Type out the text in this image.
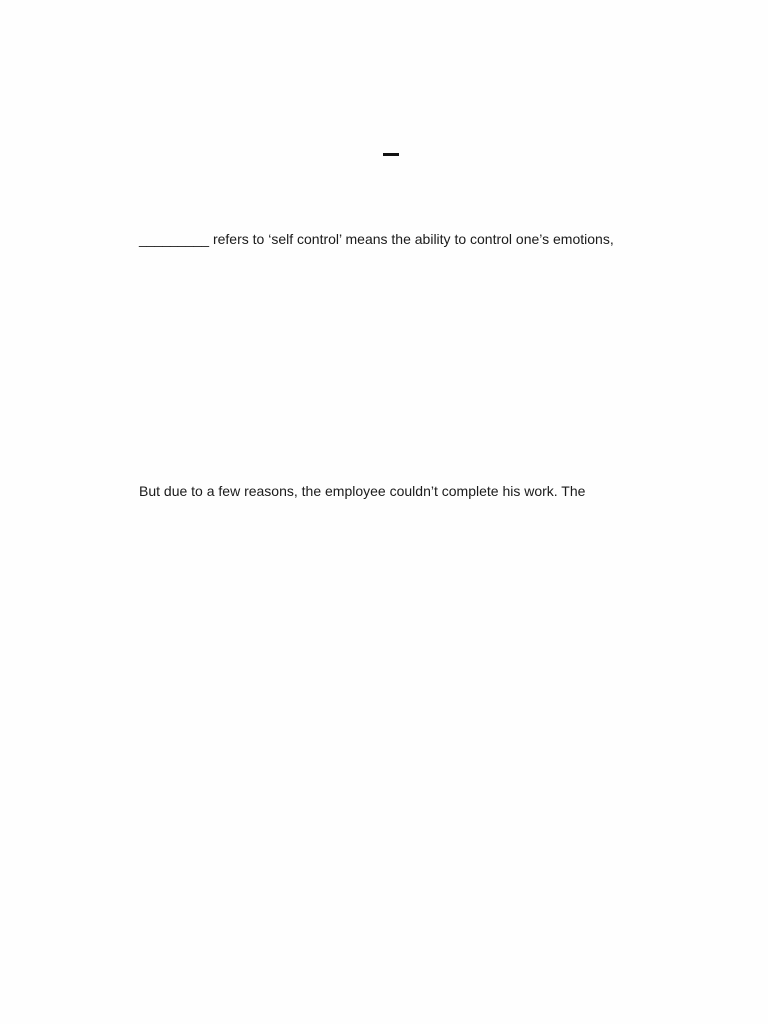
_________ refers to ‘self control’ means the ability to control one’s emotions,
But due to a few reasons, the employee couldn’t complete his work. The
